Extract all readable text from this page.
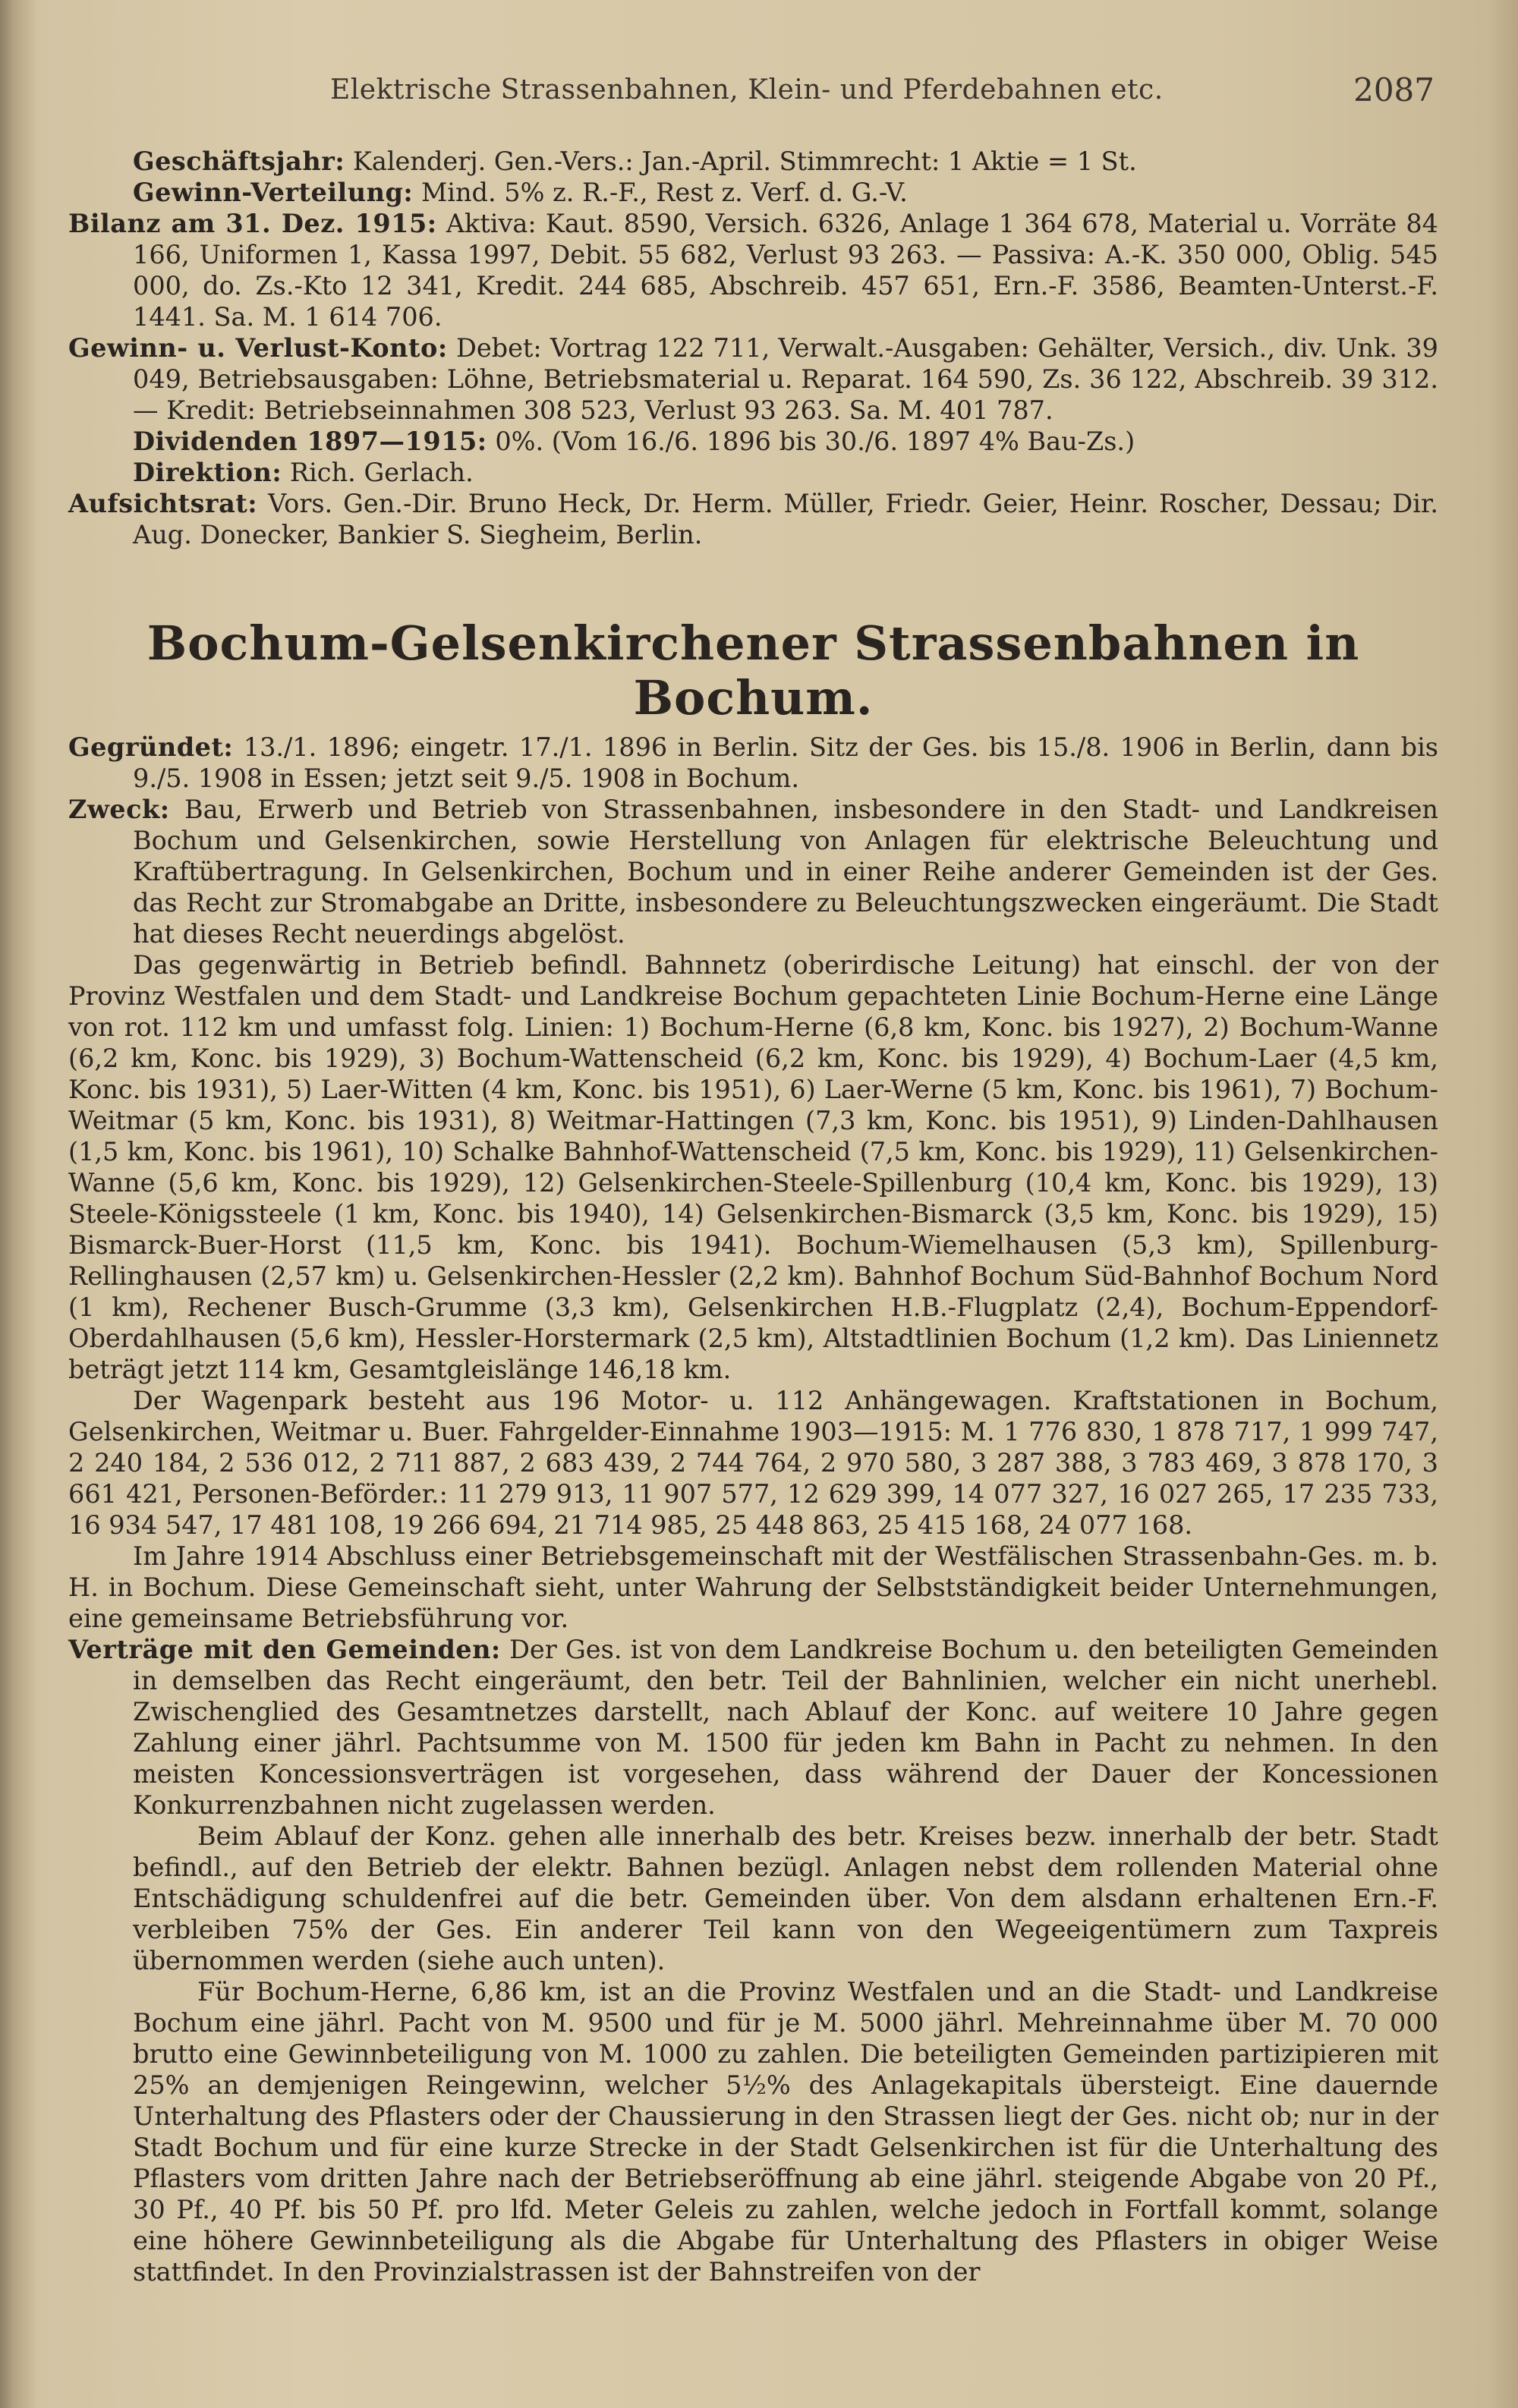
Elektrische Strassenbahnen, Klein- und Pferdebahnen etc.	2087

Geschäftsjahr: Kalenderj. Gen.-Vers.: Jan.-April. Stimmrecht: 1 Aktie = 1 St.

Gewinn-Verteilung: Mind. 5% z. R.-F., Rest z. Verf. d. G.-V.

Bilanz am 31. Dez. 1915: Aktiva: Kaut. 8590, Versich. 6326, Anlage 1 364 678, Material u. Vorräte 84 166, Uniformen 1, Kassa 1997, Debit. 55 682, Verlust 93 263. — Passiva: A.-K. 350 000, Oblig. 545 000, do. Zs.-Kto 12 341, Kredit. 244 685, Abschreib. 457 651, Ern.-F. 3586, Beamten-Unterst.-F. 1441. Sa. M. 1 614 706.

Gewinn- u. Verlust-Konto: Debet: Vortrag 122 711, Verwalt.-Ausgaben: Gehälter, Versich., div. Unk. 39 049, Betriebsausgaben: Löhne, Betriebsmaterial u. Reparat. 164 590, Zs. 36 122, Abschreib. 39 312. — Kredit: Betriebseinnahmen 308 523, Verlust 93 263. Sa. M. 401 787.

Dividenden 1897—1915: 0%. (Vom 16./6. 1896 bis 30./6. 1897 4% Bau-Zs.)

Direktion: Rich. Gerlach.

Aufsichtsrat: Vors. Gen.-Dir. Bruno Heck, Dr. Herm. Müller, Friedr. Geier, Heinr. Roscher, Dessau; Dir. Aug. Donecker, Bankier S. Siegheim, Berlin.

Bochum-Gelsenkirchener Strassenbahnen in Bochum.

Gegründet: 13./1. 1896; eingetr. 17./1. 1896 in Berlin. Sitz der Ges. bis 15./8. 1906 in Berlin, dann bis 9./5. 1908 in Essen; jetzt seit 9./5. 1908 in Bochum.

Zweck: Bau, Erwerb und Betrieb von Strassenbahnen, insbesondere in den Stadt- und Landkreisen Bochum und Gelsenkirchen, sowie Herstellung von Anlagen für elektrische Beleuchtung und Kraftübertragung. In Gelsenkirchen, Bochum und in einer Reihe anderer Gemeinden ist der Ges. das Recht zur Stromabgabe an Dritte, insbesondere zu Beleuchtungszwecken eingeräumt. Die Stadt hat dieses Recht neuerdings abgelöst.

Das gegenwärtig in Betrieb befindl. Bahnnetz (oberirdische Leitung) hat einschl. der von der Provinz Westfalen und dem Stadt- und Landkreise Bochum gepachteten Linie Bochum-Herne eine Länge von rot. 112 km und umfasst folg. Linien: 1) Bochum-Herne (6,8 km, Konc. bis 1927), 2) Bochum-Wanne (6,2 km, Konc. bis 1929), 3) Bochum-Wattenscheid (6,2 km, Konc. bis 1929), 4) Bochum-Laer (4,5 km, Konc. bis 1931), 5) Laer-Witten (4 km, Konc. bis 1951), 6) Laer-Werne (5 km, Konc. bis 1961), 7) Bochum-Weitmar (5 km, Konc. bis 1931), 8) Weitmar-Hattingen (7,3 km, Konc. bis 1951), 9) Linden-Dahlhausen (1,5 km, Konc. bis 1961), 10) Schalke Bahnhof-Wattenscheid (7,5 km, Konc. bis 1929), 11) Gelsenkirchen-Wanne (5,6 km, Konc. bis 1929), 12) Gelsenkirchen-Steele-Spillenburg (10,4 km, Konc. bis 1929), 13) Steele-Königssteele (1 km, Konc. bis 1940), 14) Gelsenkirchen-Bismarck (3,5 km, Konc. bis 1929), 15) Bismarck-Buer-Horst (11,5 km, Konc. bis 1941). Bochum-Wiemelhausen (5,3 km), Spillenburg-Rellinghausen (2,57 km) u. Gelsenkirchen-Hessler (2,2 km). Bahnhof Bochum Süd-Bahnhof Bochum Nord (1 km), Rechener Busch-Grumme (3,3 km), Gelsenkirchen H.B.-Flugplatz (2,4), Bochum-Eppendorf-Oberdahlhausen (5,6 km), Hessler-Horstermark (2,5 km), Altstadtlinien Bochum (1,2 km). Das Liniennetz beträgt jetzt 114 km, Gesamtgleislänge 146,18 km.

Der Wagenpark besteht aus 196 Motor- u. 112 Anhängewagen. Kraftstationen in Bochum, Gelsenkirchen, Weitmar u. Buer. Fahrgelder-Einnahme 1903—1915: M. 1 776 830, 1 878 717, 1 999 747, 2 240 184, 2 536 012, 2 711 887, 2 683 439, 2 744 764, 2 970 580, 3 287 388, 3 783 469, 3 878 170, 3 661 421, Personen-Beförder.: 11 279 913, 11 907 577, 12 629 399, 14 077 327, 16 027 265, 17 235 733, 16 934 547, 17 481 108, 19 266 694, 21 714 985, 25 448 863, 25 415 168, 24 077 168.

Im Jahre 1914 Abschluss einer Betriebsgemeinschaft mit der Westfälischen Strassenbahn-Ges. m. b. H. in Bochum. Diese Gemeinschaft sieht, unter Wahrung der Selbstständigkeit beider Unternehmungen, eine gemeinsame Betriebsführung vor.

Verträge mit den Gemeinden: Der Ges. ist von dem Landkreise Bochum u. den beteiligten Gemeinden in demselben das Recht eingeräumt, den betr. Teil der Bahnlinien, welcher ein nicht unerhebl. Zwischenglied des Gesamtnetzes darstellt, nach Ablauf der Konc. auf weitere 10 Jahre gegen Zahlung einer jährl. Pachtsumme von M. 1500 für jeden km Bahn in Pacht zu nehmen. In den meisten Koncessionsverträgen ist vorgesehen, dass während der Dauer der Koncessionen Konkurrenzbahnen nicht zugelassen werden.

Beim Ablauf der Konz. gehen alle innerhalb des betr. Kreises bezw. innerhalb der betr. Stadt befindl., auf den Betrieb der elektr. Bahnen bezügl. Anlagen nebst dem rollenden Material ohne Entschädigung schuldenfrei auf die betr. Gemeinden über. Von dem alsdann erhaltenen Ern.-F. verbleiben 75% der Ges. Ein anderer Teil kann von den Wegeeigentümern zum Taxpreis übernommen werden (siehe auch unten).

Für Bochum-Herne, 6,86 km, ist an die Provinz Westfalen und an die Stadt- und Landkreise Bochum eine jährl. Pacht von M. 9500 und für je M. 5000 jährl. Mehreinnahme über M. 70 000 brutto eine Gewinnbeteiligung von M. 1000 zu zahlen. Die beteiligten Gemeinden partizipieren mit 25% an demjenigen Reingewinn, welcher 5½% des Anlagekapitals übersteigt. Eine dauernde Unterhaltung des Pflasters oder der Chaussierung in den Strassen liegt der Ges. nicht ob; nur in der Stadt Bochum und für eine kurze Strecke in der Stadt Gelsenkirchen ist für die Unterhaltung des Pflasters vom dritten Jahre nach der Betriebseröffnung ab eine jährl. steigende Abgabe von 20 Pf., 30 Pf., 40 Pf. bis 50 Pf. pro lfd. Meter Geleis zu zahlen, welche jedoch in Fortfall kommt, solange eine höhere Gewinnbeteiligung als die Abgabe für Unterhaltung des Pflasters in obiger Weise stattfindet. In den Provinzialstrassen ist der Bahnstreifen von der
